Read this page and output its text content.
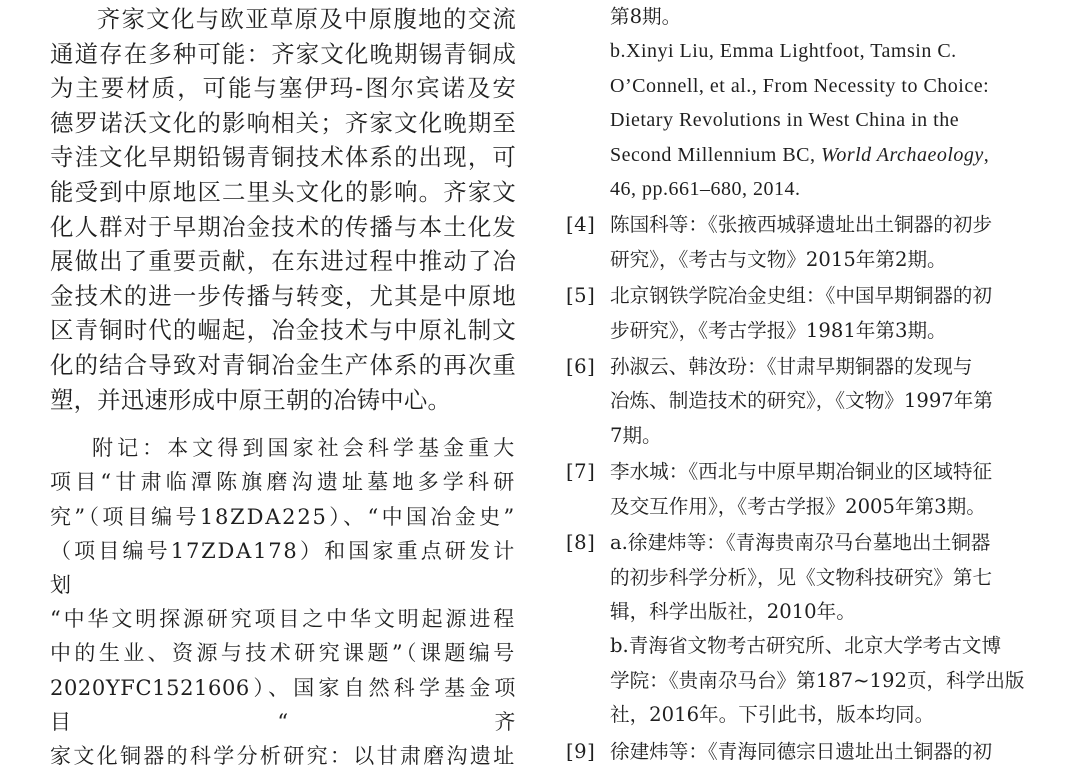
齐家文化与欧亚草原及中原腹地的交流

通道存在多种可能：齐家文化晚期锡青铜成

为主要材质，可能与塞伊玛-图尔宾诺及安

德罗诺沃文化的影响相关；齐家文化晚期至

寺洼文化早期铅锡青铜技术体系的出现，可

能受到中原地区二里头文化的影响。齐家文

化人群对于早期冶金技术的传播与本土化发

展做出了重要贡献，在东进过程中推动了冶

金技术的进一步传播与转变，尤其是中原地

区青铜时代的崛起，冶金技术与中原礼制文

化的结合导致对青铜冶金生产体系的再次重

塑，并迅速形成中原王朝的冶铸中心。

附记：本文得到国家社会科学基金重大

项目“甘肃临潭陈旗磨沟遗址墓地多学科研

究”（项目编号18ZDA225）、“中国冶金史”

（项目编号17ZDA178）和国家重点研发计划

“中华文明探源研究项目之中华文明起源进程

中的生业、资源与技术研究课题”（课题编号

2020YFC1521606）、国家自然科学基金项目“齐

家文化铜器的科学分析研究：以甘肃磨沟遗址

第8期。
b.Xinyi Liu, Emma Lightfoot, Tamsin C.
O’Connell, et al., From Necessity to Choice:
Dietary Revolutions in West China in the
Second Millennium BC, World Archaeology,
46, pp.661–680, 2014.
[4] 陈国科等：《张掖西城驿遗址出土铜器的初步
研究》，《考古与文物》2015年第2期。
[5] 北京钢铁学院冶金史组：《中国早期铜器的初
步研究》，《考古学报》1981年第3期。
[6] 孙淑云、韩汝玢：《甘肃早期铜器的发现与
冶炼、制造技术的研究》，《文物》1997年第
7期。
[7] 李水城：《西北与中原早期冶铜业的区域特征
及交互作用》，《考古学报》2005年第3期。
[8] a.徐建炜等：《青海贵南尕马台墓地出土铜器
的初步科学分析》，见《文物科技研究》第七
辑，科学出版社，2010年。
b.青海省文物考古研究所、北京大学考古文博
学院：《贵南尕马台》第187~192页，科学出版
社，2016年。下引此书，版本均同。
[9] 徐建炜等：《青海同德宗日遗址出土铜器的初
